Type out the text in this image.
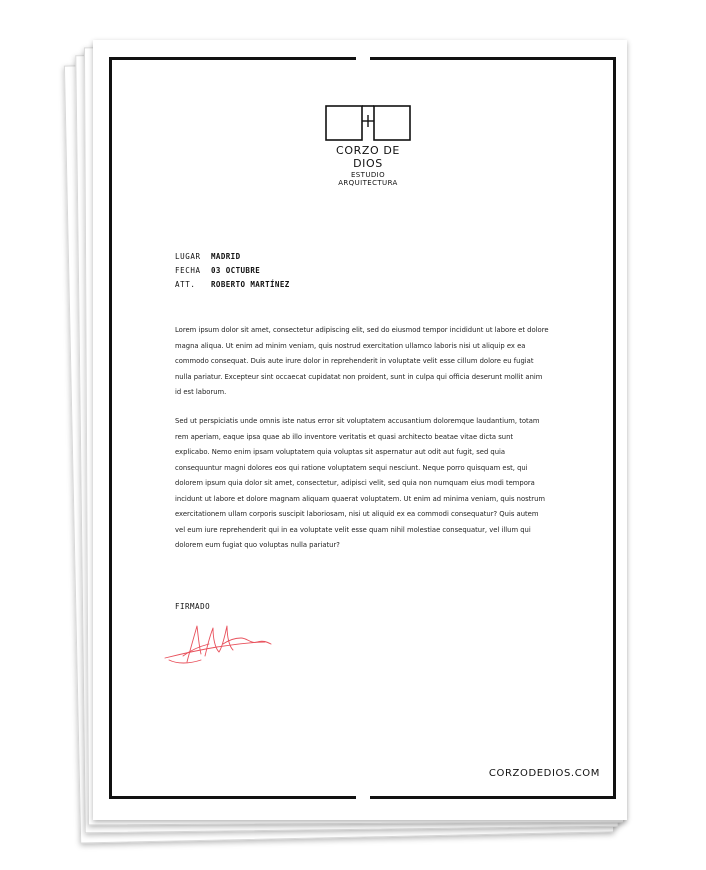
CORZO DE DIOS
ESTUDIO ARQUITECTURA
LUGAR	MADRID
FECHA	03 OCTUBRE
ATT.	ROBERTO MARTÍNEZ
Lorem ipsum dolor sit amet, consectetur adipiscing elit, sed do eiusmod tempor incididunt ut labore et dolore magna aliqua. Ut enim ad minim veniam, quis nostrud exercitation ullamco laboris nisi ut aliquip ex ea commodo consequat. Duis aute irure dolor in reprehenderit in voluptate velit esse cillum dolore eu fugiat nulla pariatur. Excepteur sint occaecat cupidatat non proident, sunt in culpa qui officia deserunt mollit anim id est laborum.
Sed ut perspiciatis unde omnis iste natus error sit voluptatem accusantium doloremque laudantium, totam rem aperiam, eaque ipsa quae ab illo inventore veritatis et quasi architecto beatae vitae dicta sunt explicabo. Nemo enim ipsam voluptatem quia voluptas sit aspernatur aut odit aut fugit, sed quia consequuntur magni dolores eos qui ratione voluptatem sequi nesciunt. Neque porro quisquam est, qui dolorem ipsum quia dolor sit amet, consectetur, adipisci velit, sed quia non numquam eius modi tempora incidunt ut labore et dolore magnam aliquam quaerat voluptatem. Ut enim ad minima veniam, quis nostrum exercitationem ullam corporis suscipit laboriosam, nisi ut aliquid ex ea commodi consequatur? Quis autem vel eum iure reprehenderit qui in ea voluptate velit esse quam nihil molestiae consequatur, vel illum qui dolorem eum fugiat quo voluptas nulla pariatur?
FIRMADO
CORZODEDIOS.COM
